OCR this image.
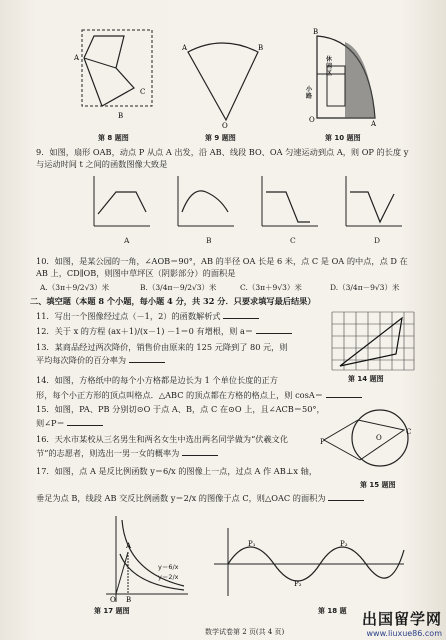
A
C
B
第 8 题图
A	B
O
第 9 题图
O	A
B
休闲区
小路
第 10 题图
9．如图，扇形 OAB，动点 P 从点 A 出发，沿 AB、线段 BO、OA 匀速运动到点 A，则 OP 的长度 y
与运动时间 t 之间的函数图像大致是
A	B	C	D
10．如图，是某公园的一角，∠AOB＝90°，AB 的半径 OA 长是 6 米，点 C 是 OA 的中点，点 D 在
AB 上，CD∥OB，则图中草坪区（阴影部分）的面积是
A.（3π＋9/2√3）米	B.（3/4π－9/2√3）米	C.（3π＋9√3）米	D.（3/4π－9√3）米
二、填空题（本题 8 个小题，每小题 4 分，共 32 分．只要求填写最后结果）
11．写出一个图像经过点（－1，2）的函数解析式
12．关于 x 的方程 (ax＋1)/(x－1) －1＝0 有增根，则 a＝
13．某商品经过两次降价，销售价由原来的 125 元降到了 80 元，则
平均每次降价的百分率为
第 14 题图
14．如图，方格纸中的每个小方格都是边长为 1 个单位长度的正方
形，每个小正方形的顶点叫格点．△ABC 的顶点都在方格的格点上，则 cosA＝
15．如图，PA、PB 分别切⊙O 于点 A、B，点 C 在⊙O 上，且∠ACB＝50°，
则∠P＝
P	O
C
第 15 题图
16．天水市某校从三名男生和两名女生中选出两名同学做为“伏羲文化
节”的志愿者，则选出一男一女的概率为
17．如图，点 A 是反比例函数 y＝6/x 的图像上一点，过点 A 作 AB⊥x 轴，
垂足为点 B，线段 AB 交反比例函数 y＝2/x 的图像于点 C，则△OAC 的面积为
A
B
O
y＝6/x
y＝2/x
第 17 题图
P₁
P₂
P₃
第 18 题
数学试卷第 2 页(共 4 页)
出国留学网
www.liuxue86.com
